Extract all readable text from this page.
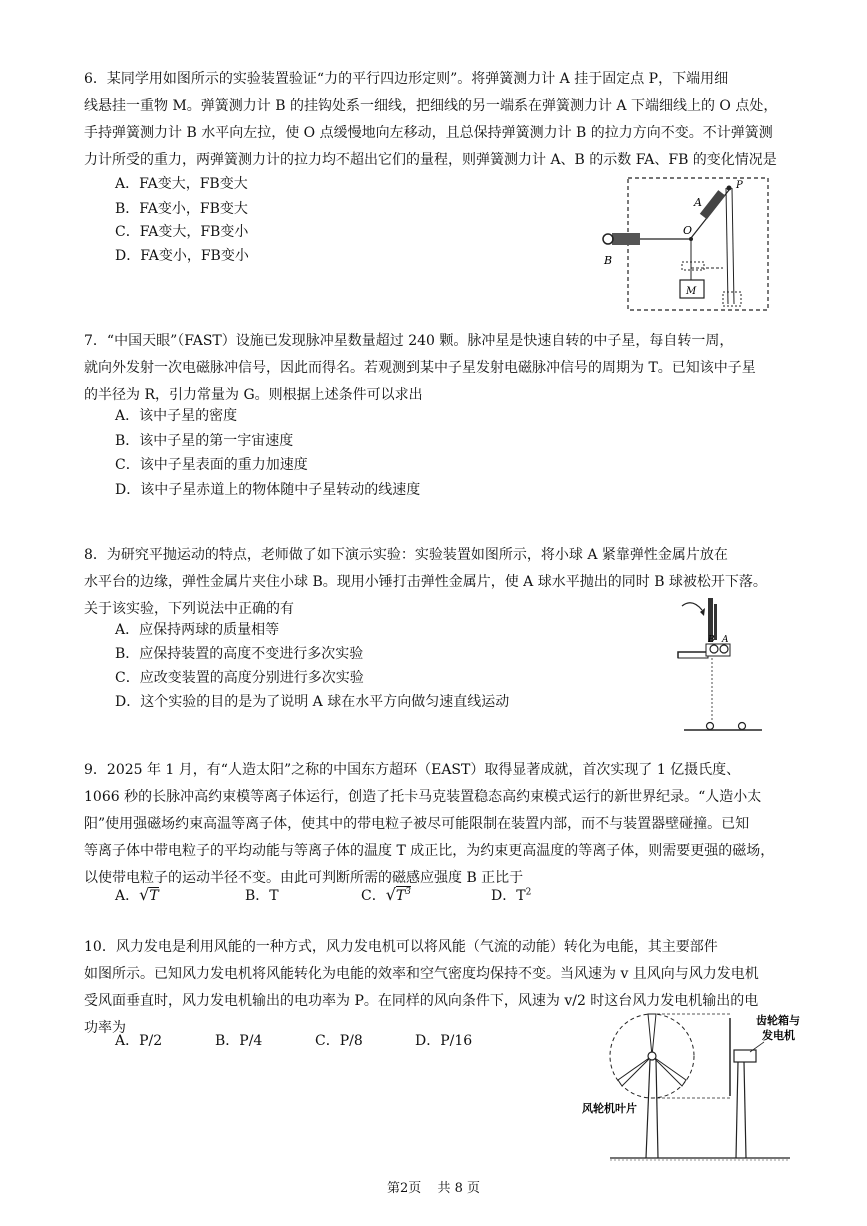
6．某同学用如图所示的实验装置验证“力的平行四边形定则”。将弹簧测力计 A 挂于固定点 P，下端用细

线悬挂一重物 M。弹簧测力计 B 的挂钩处系一细线，把细线的另一端系在弹簧测力计 A 下端细线上的 O 点处，

手持弹簧测力计 B 水平向左拉，使 O 点缓慢地向左移动，且总保持弹簧测力计 B 的拉力方向不变。不计弹簧测

力计所受的重力，两弹簧测力计的拉力均不超出它们的量程，则弹簧测力计 A、B 的示数 FA、FB 的变化情况是

A．FA变大，FB变大
B．FA变小，FB变大
C．FA变大，FB变小
D．FA变小，FB变小
P
A
O
B
M

7．“中国天眼”（FAST）设施已发现脉冲星数量超过 240 颗。脉冲星是快速自转的中子星，每自转一周，

就向外发射一次电磁脉冲信号，因此而得名。若观测到某中子星发射电磁脉冲信号的周期为 T。已知该中子星

的半径为 R，引力常量为 G。则根据上述条件可以求出

A．该中子星的密度
B．该中子星的第一宇宙速度
C．该中子星表面的重力加速度
D．该中子星赤道上的物体随中子星转动的线速度

8．为研究平抛运动的特点，老师做了如下演示实验：实验装置如图所示，将小球 A 紧靠弹性金属片放在

水平台的边缘，弹性金属片夹住小球 B。现用小锤打击弹性金属片，使 A 球水平抛出的同时 B 球被松开下落。

关于该实验，下列说法中正确的有

A．应保持两球的质量相等
B．应保持装置的高度不变进行多次实验
C．应改变装置的高度分别进行多次实验
D．这个实验的目的是为了说明 A 球在水平方向做匀速直线运动
B A

9．2025 年 1 月，有“人造太阳”之称的中国东方超环（EAST）取得显著成就，首次实现了 1 亿摄氏度、

1066 秒的长脉冲高约束模等离子体运行，创造了托卡马克装置稳态高约束模式运行的新世界纪录。“人造小太

阳”使用强磁场约束高温等离子体，使其中的带电粒子被尽可能限制在装置内部，而不与装置器壁碰撞。已知

等离子体中带电粒子的平均动能与等离子体的温度 T 成正比，为约束更高温度的等离子体，则需要更强的磁场，

以使带电粒子的运动半径不变。由此可判断所需的磁感应强度 B 正比于

A．√T	B．T	C．$√T^3$	D．$T^2$

10．风力发电是利用风能的一种方式，风力发电机可以将风能（气流的动能）转化为电能，其主要部件

如图所示。已知风力发电机将风能转化为电能的效率和空气密度均保持不变。当风速为 v 且风向与风力发电机

受风面垂直时，风力发电机输出的电功率为 P。在同样的风向条件下，风速为 v/2 时这台风力发电机输出的电

功率为

A．P/2	B．P/4	C．P/8	D．P/16
齿轮箱与
发电机
风轮机叶片
第2页 共 8 页
